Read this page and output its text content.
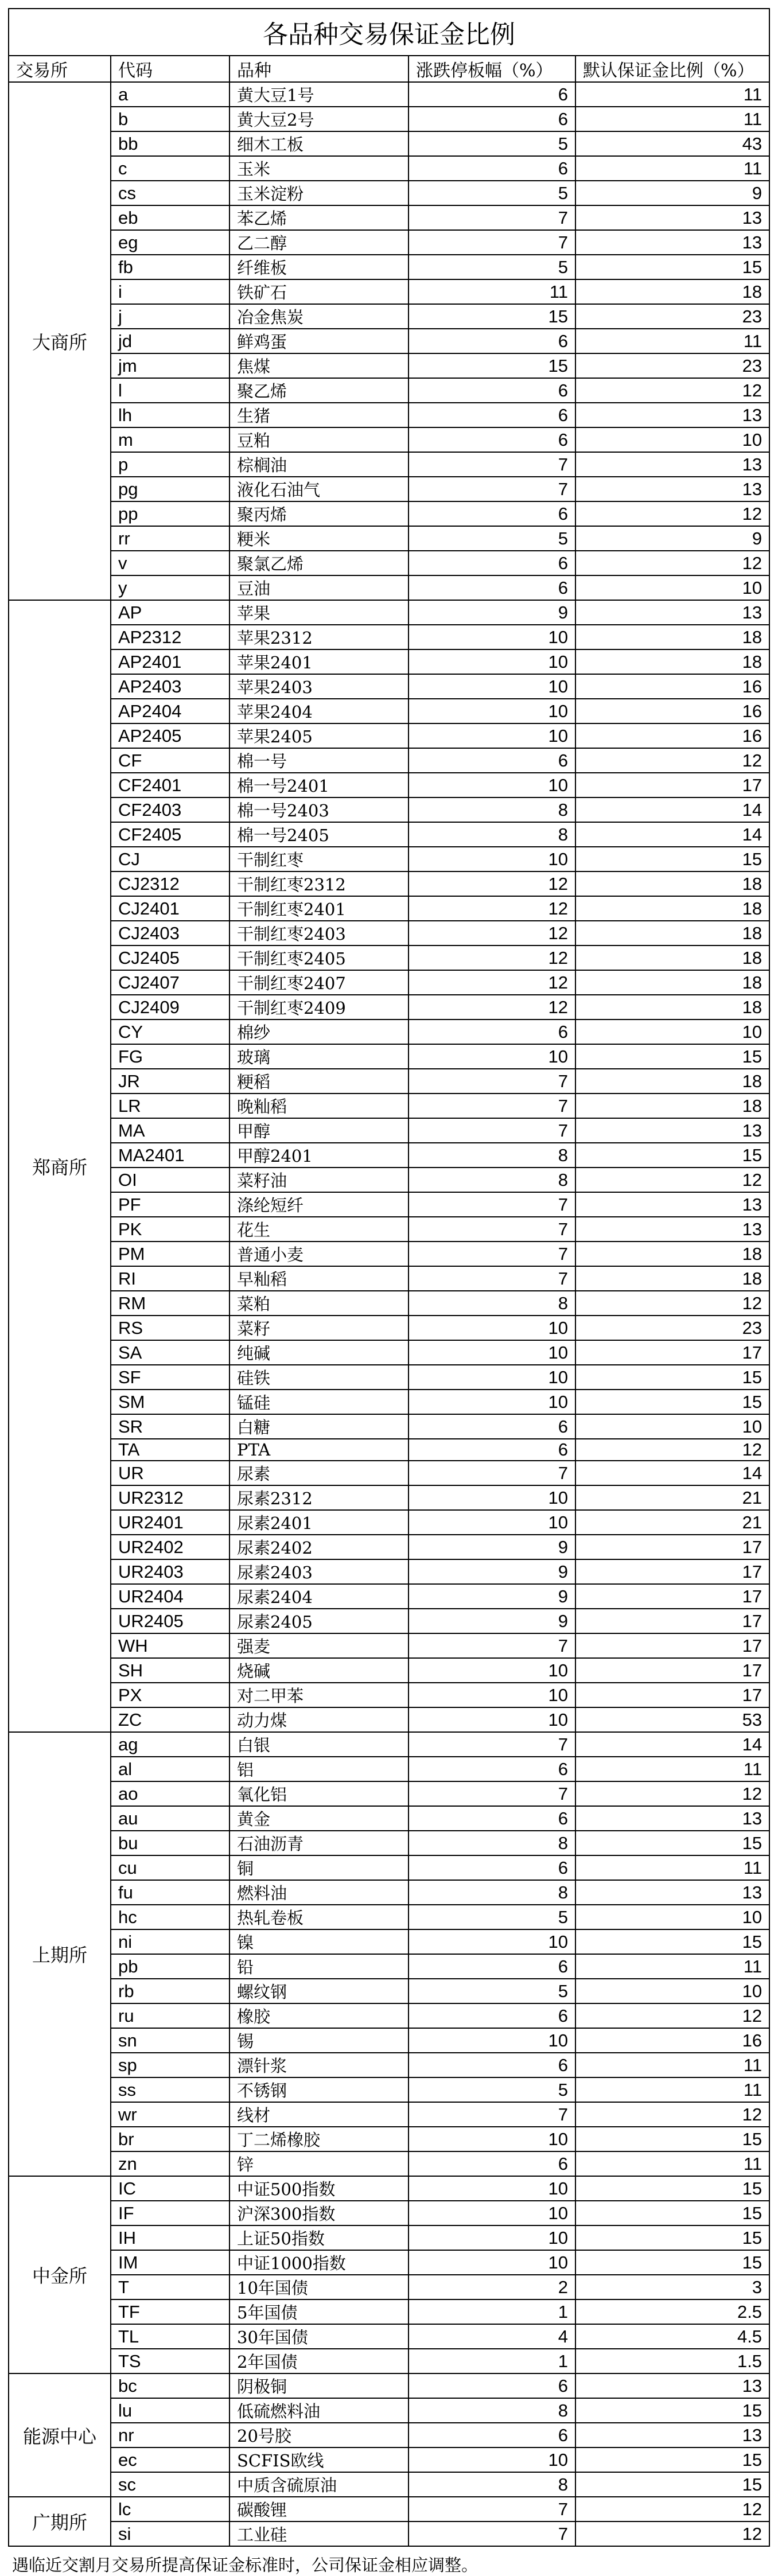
各品种交易保证金比例				
交易所	代码	品种	涨跌停板幅（%）	默认保证金比例（%）
大商所	a	黄大豆1号	6	11
	b	黄大豆2号	6	11
	bb	细木工板	5	43
	c	玉米	6	11
	cs	玉米淀粉	5	9
	eb	苯乙烯	7	13
	eg	乙二醇	7	13
	fb	纤维板	5	15
	i	铁矿石	11	18
	j	冶金焦炭	15	23
	jd	鲜鸡蛋	6	11
	jm	焦煤	15	23
	l	聚乙烯	6	12
	lh	生猪	6	13
	m	豆粕	6	10
	p	棕榈油	7	13
	pg	液化石油气	7	13
	pp	聚丙烯	6	12
	rr	粳米	5	9
	v	聚氯乙烯	6	12
	y	豆油	6	10
郑商所	AP	苹果	9	13
	AP2312	苹果2312	10	18
	AP2401	苹果2401	10	18
	AP2403	苹果2403	10	16
	AP2404	苹果2404	10	16
	AP2405	苹果2405	10	16
	CF	棉一号	6	12
	CF2401	棉一号2401	10	17
	CF2403	棉一号2403	8	14
	CF2405	棉一号2405	8	14
	CJ	干制红枣	10	15
	CJ2312	干制红枣2312	12	18
	CJ2401	干制红枣2401	12	18
	CJ2403	干制红枣2403	12	18
	CJ2405	干制红枣2405	12	18
	CJ2407	干制红枣2407	12	18
	CJ2409	干制红枣2409	12	18
	CY	棉纱	6	10
	FG	玻璃	10	15
	JR	粳稻	7	18
	LR	晚籼稻	7	18
	MA	甲醇	7	13
	MA2401	甲醇2401	8	15
	OI	菜籽油	8	12
	PF	涤纶短纤	7	13
	PK	花生	7	13
	PM	普通小麦	7	18
	RI	早籼稻	7	18
	RM	菜粕	8	12
	RS	菜籽	10	23
	SA	纯碱	10	17
	SF	硅铁	10	15
	SM	锰硅	10	15
	SR	白糖	6	10
	TA	PTA	6	12
	UR	尿素	7	14
	UR2312	尿素2312	10	21
	UR2401	尿素2401	10	21
	UR2402	尿素2402	9	17
	UR2403	尿素2403	9	17
	UR2404	尿素2404	9	17
	UR2405	尿素2405	9	17
	WH	强麦	7	17
	SH	烧碱	10	17
	PX	对二甲苯	10	17
	ZC	动力煤	10	53
上期所	ag	白银	7	14
	al	铝	6	11
	ao	氧化铝	7	12
	au	黄金	6	13
	bu	石油沥青	8	15
	cu	铜	6	11
	fu	燃料油	8	13
	hc	热轧卷板	5	10
	ni	镍	10	15
	pb	铅	6	11
	rb	螺纹钢	5	10
	ru	橡胶	6	12
	sn	锡	10	16
	sp	漂针浆	6	11
	ss	不锈钢	5	11
	wr	线材	7	12
	br	丁二烯橡胶	10	15
	zn	锌	6	11
中金所	IC	中证500指数	10	15
	IF	沪深300指数	10	15
	IH	上证50指数	10	15
	IM	中证1000指数	10	15
	T	10年国债	2	3
	TF	5年国债	1	2.5
	TL	30年国债	4	4.5
	TS	2年国债	1	1.5
能源中心	bc	阴极铜	6	13
	lu	低硫燃料油	8	15
	nr	20号胶	6	13
	ec	SCFIS欧线	10	15
	sc	中质含硫原油	8	15
广期所	lc	碳酸锂	7	12
	si	工业硅	7	12
遇临近交割月交易所提高保证金标准时，公司保证金相应调整。				
